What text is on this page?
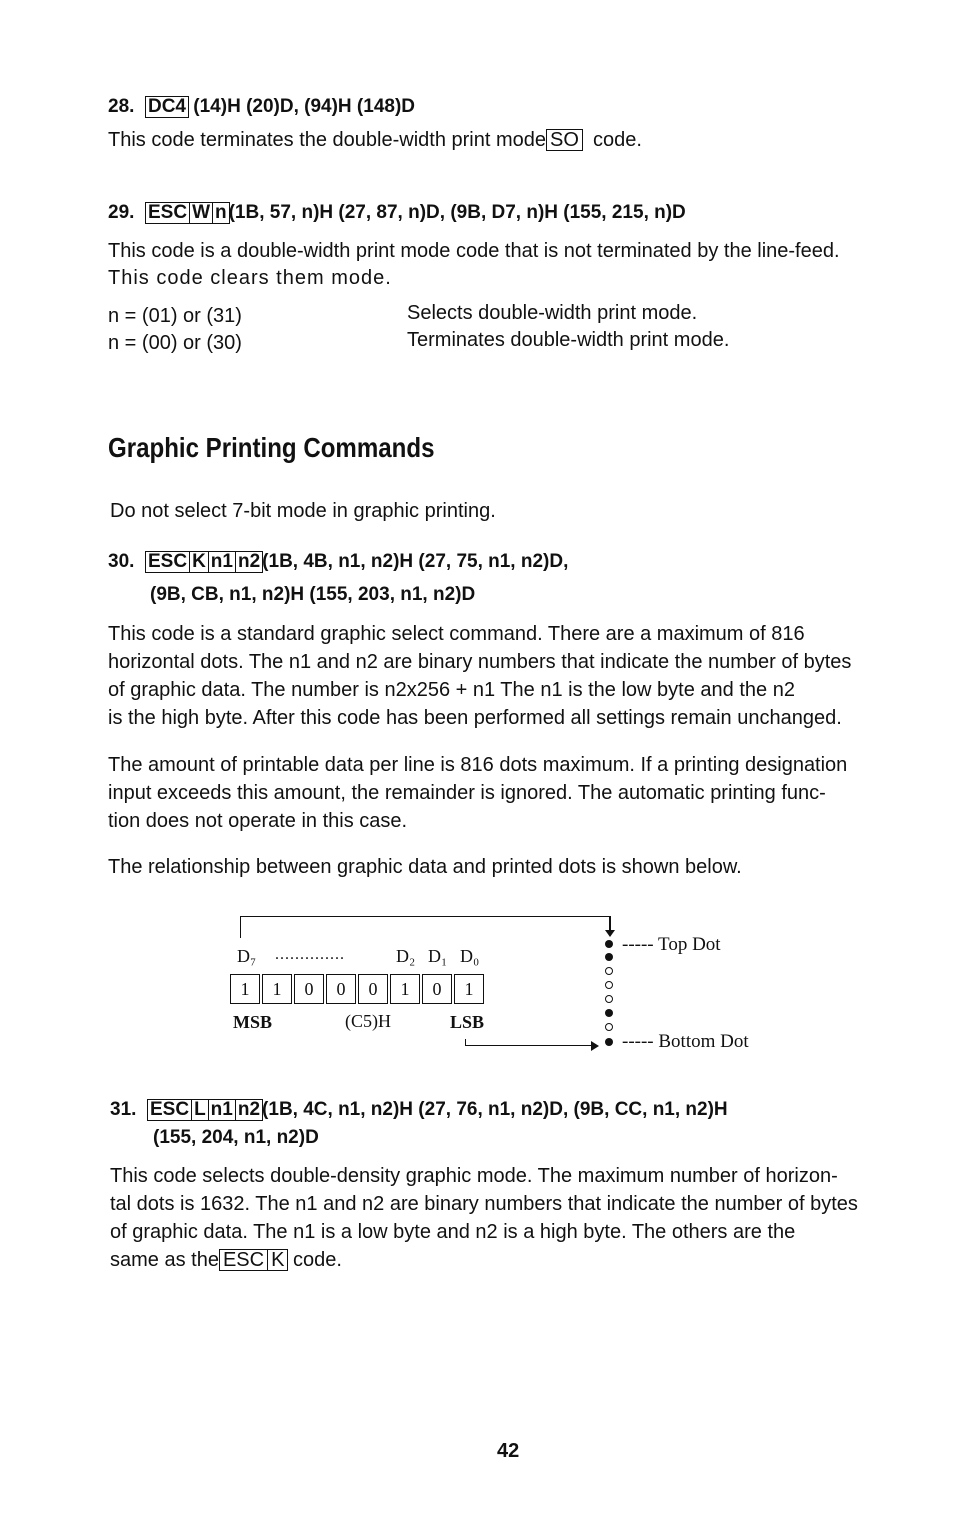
28. DC4 (14)H (20)D, (94)H (148)D
This code terminates the double-width print mode SO code.
29. ESC W n (1B, 57, n)H (27, 87, n)D, (9B, D7, n)H (155, 215, n)D
This code is a double-width print mode code that is not terminated by the line-feed.
This code clears them mode.
n = (01) or (31)	Selects double-width print mode.
n = (00) or (30)	Terminates double-width print mode.
Graphic Printing Commands
Do not select 7-bit mode in graphic printing.
30. ESC K n1 n2 (1B, 4B, n1, n2)H (27, 75, n1, n2)D,
(9B, CB, n1, n2)H (155, 203, n1, n2)D
This code is a standard graphic select command. There are a maximum of 816
horizontal dots. The n1 and n2 are binary numbers that indicate the number of bytes
of graphic data. The number is n2x256 + n1 The n1 is the low byte and the n2
is the high byte. After this code has been performed all settings remain unchanged.
The amount of printable data per line is 816 dots maximum. If a printing designation
input exceeds this amount, the remainder is ignored. The automatic printing func-
tion does not operate in this case.
The relationship between graphic data and printed dots is shown below.
D₇ ..............	D₂ D₁ D₀
1	1	0	0	0	1	0	1
MSB	(C5)H	LSB
----- Top Dot
----- Bottom Dot
31. ESC L n1 n2 (1B, 4C, n1, n2)H (27, 76, n1, n2)D, (9B, CC, n1, n2)H
(155, 204, n1, n2)D
This code selects double-density graphic mode. The maximum number of horizon-
tal dots is 1632. The n1 and n2 are binary numbers that indicate the number of bytes
of graphic data. The n1 is a low byte and n2 is a high byte. The others are the
same as the ESC K code.
42
